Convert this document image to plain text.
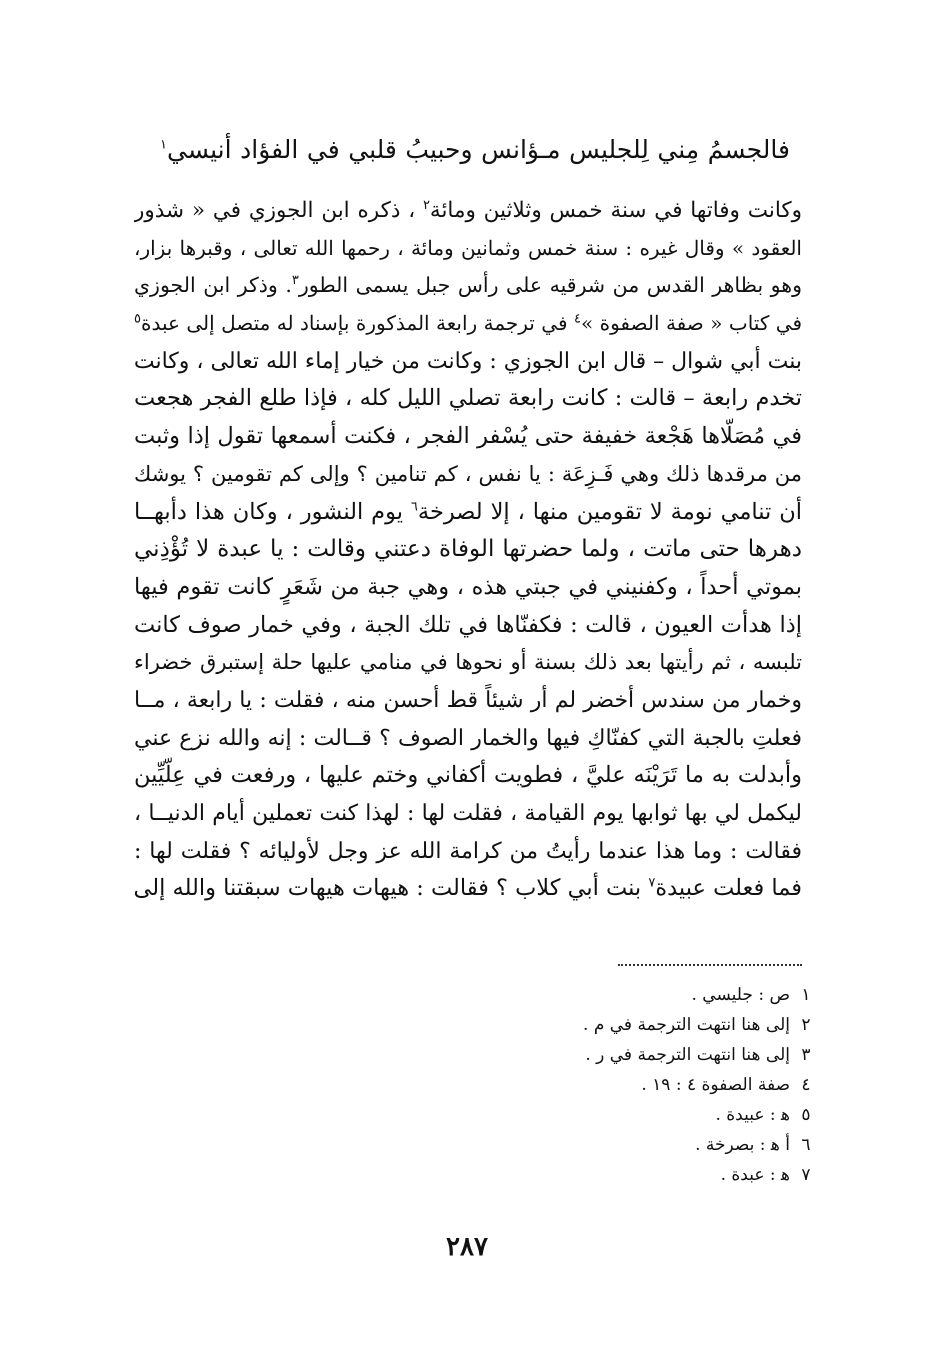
فالجسمُ مِني لِلجليس مـؤانس وحبيبُ قلبي في الفؤاد أنيسي$^١$
وكانت وفاتها في سنة خمس وثلاثين ومائة$^٢$ ، ذكره ابن الجوزي في « شذور
العقود » وقال غيره : سنة خمس وثمانين ومائة ، رحمها الله تعالى ، وقبرها بزار،
وهو بظاهر القدس من شرقيه على رأس جبل يسمى الطور$^٣$. وذكر ابن الجوزي
في كتاب « صفة الصفوة »$^٤$ في ترجمة رابعة المذكورة بإسناد له متصل إلى عبدة$^٥$
بنت أبي شوال – قال ابن الجوزي : وكانت من خيار إماء الله تعالى ، وكانت
تخدم رابعة – قالت : كانت رابعة تصلي الليل كله ، فإذا طلع الفجر هجعت
في مُصَلّاها هَجْعة خفيفة حتى يُسْفر الفجر ، فكنت أسمعها تقول إذا وثبت
من مرقدها ذلك وهي فَـزِعَة : يا نفس ، كم تنامين ؟ وإلى كم تقومين ؟ يوشك
أن تنامي نومة لا تقومين منها ، إلا لصرخة$^٦$ يوم النشور ، وكان هذا دأبهــا
دهرها حتى ماتت ، ولما حضرتها الوفاة دعتني وقالت : يا عبدة لا تُؤْذِني
بموتي أحداً ، وكفنيني في جبتي هذه ، وهي جبة من شَعَرٍ كانت تقوم فيها
إذا هدأت العيون ، قالت : فكفنّاها في تلك الجبة ، وفي خمار صوف كانت
تلبسه ، ثم رأيتها بعد ذلك بسنة أو نحوها في منامي عليها حلة إستبرق خضراء
وخمار من سندس أخضر لم أر شيئاً قط أحسن منه ، فقلت : يا رابعة ، مــا
فعلتِ بالجبة التي كفنّاكِ فيها والخمار الصوف ؟ قــالت : إنه والله نزع عني
وأبدلت به ما تَرَيْنَه عليَّ ، فطويت أكفاني وختم عليها ، ورفعت في عِلّيِّين
ليكمل لي بها ثوابها يوم القيامة ، فقلت لها : لهذا كنت تعملين أيام الدنيــا ،
فقالت : وما هذا عندما رأيتُ من كرامة الله عز وجل لأوليائه ؟ فقلت لها :
فما فعلت عبيدة$^٧$ بنت أبي كلاب ؟ فقالت : هيهات هيهات سبقتنا والله إلى
١
ص : جليسي .
٢
إلى هنا انتهت الترجمة في م .
٣
إلى هنا انتهت الترجمة في ر .
٤
صفة الصفوة ٤ : ١٩ .
٥
ﻫ : عبيدة .
٦
أ ﻫ : بصرخة .
٧
ﻫ : عبدة .
٢٨٧
